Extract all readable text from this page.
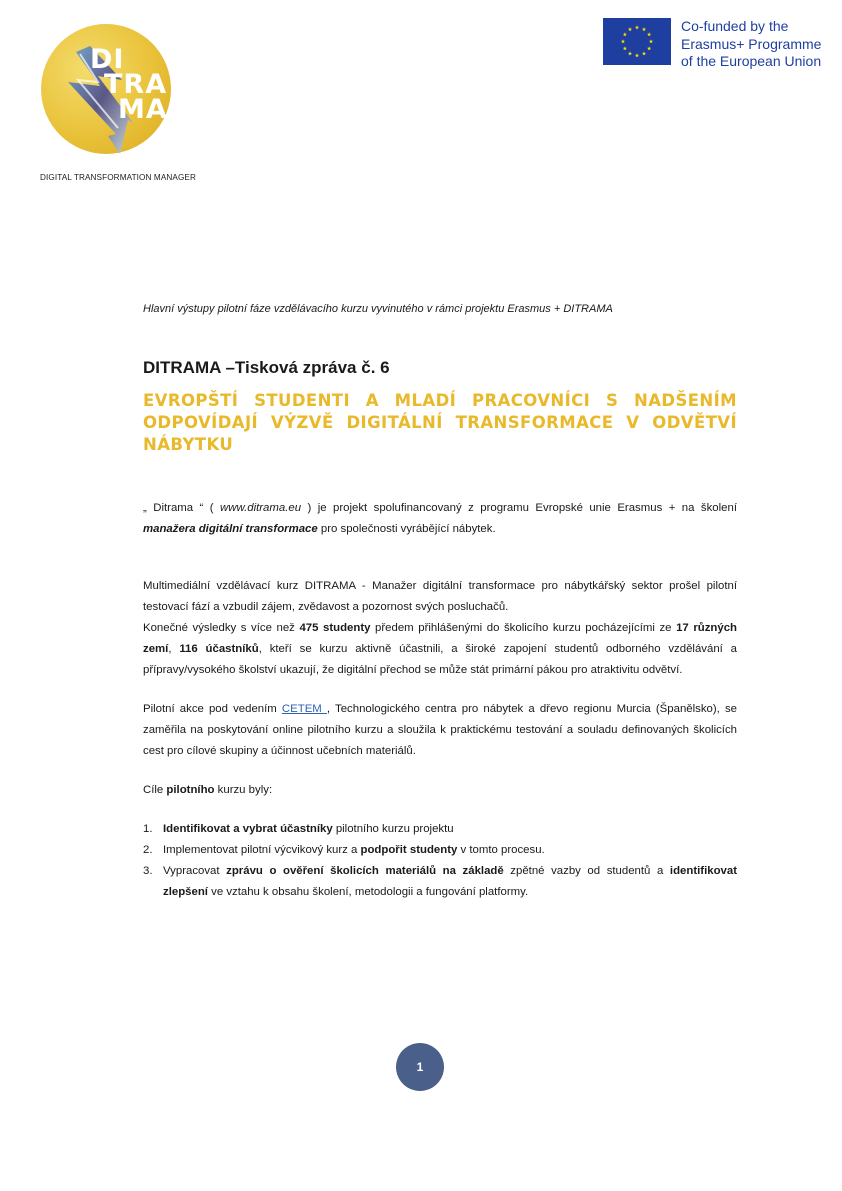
DI
TRA
MA
DIGITAL TRANSFORMATION MANAGER
Co-funded by the
Erasmus+ Programme
of the European Union
Hlavní výstupy pilotní fáze vzdělávacího kurzu vyvinutého v rámci projektu Erasmus + DITRAMA
DITRAMA –Tisková zpráva č. 6
EVROPŠTÍ STUDENTI A MLADÍ PRACOVNÍCI S NADŠENÍM ODPOVÍDAJÍ VÝZVĚ DIGITÁLNÍ TRANSFORMACE V ODVĚTVÍ NÁBYTKU

„ Ditrama “ ( www.ditrama.eu ) je projekt spolufinancovaný z programu Evropské unie Erasmus + na školení manažera digitální transformace pro společnosti vyrábějící nábytek.

Multimediální vzdělávací kurz DITRAMA - Manažer digitální transformace pro nábytkářský sektor prošel pilotní testovací fází a vzbudil zájem, zvědavost a pozornost svých posluchačů.

Konečné výsledky s více než 475 studenty předem přihlášenými do školicího kurzu pocházejícími ze 17 různých zemí, 116 účastníků, kteří se kurzu aktivně účastnili, a široké zapojení studentů odborného vzdělávání a přípravy/vysokého školství ukazují, že digitální přechod se může stát primární pákou pro atraktivitu odvětví.

Pilotní akce pod vedením CETEM , Technologického centra pro nábytek a dřevo regionu Murcia (Španělsko), se zaměřila na poskytování online pilotního kurzu a sloužila k praktickému testování a souladu definovaných školicích cest pro cílové skupiny a účinnost učebních materiálů.

Cíle pilotního kurzu byly:

1. Identifikovat a vybrat účastníky pilotního kurzu projektu
2. Implementovat pilotní výcvikový kurz a podpořit studenty v tomto procesu.
3. Vypracovat zprávu o ověření školicích materiálů na základě zpětné vazby od studentů a identifikovat zlepšení ve vztahu k obsahu školení, metodologii a fungování platformy.
1
